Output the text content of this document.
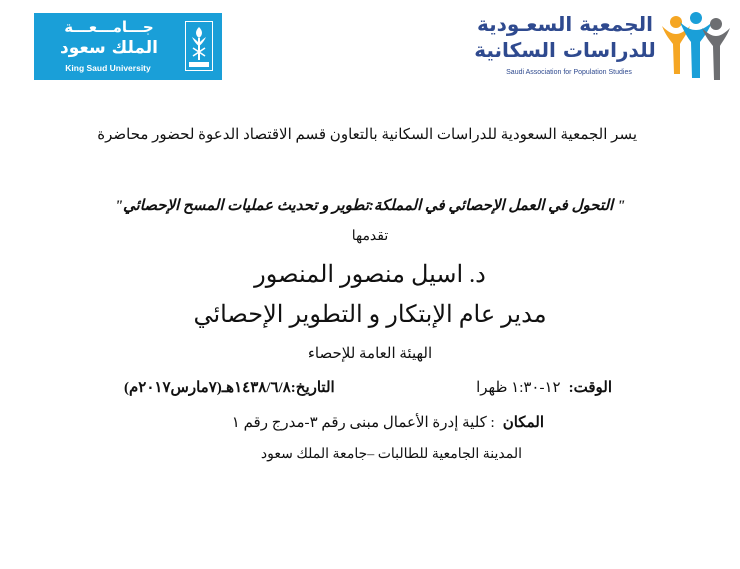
جـــامـــعـــة
الملك سعود
King Saud University
الجمعية السعـودية
للدراسات السكانية
Saudi Association for Population Studies
يسر الجمعية السعودية للدراسات السكانية بالتعاون قسم الاقتصاد الدعوة لحضور محاضرة
" التحول في العمل الإحصائي في المملكة:تطوير و تحديث عمليات المسح الإحصائي"
تقدمها
د. اسيل منصور المنصور
مدير عام الإبتكار و التطوير الإحصائي
الهيئة العامة للإحصاء
الوقت:١٢-١:٣٠ ظهرا
التاريخ:١٤٣٨/٦/٨هـ(٧مارس٢٠١٧م)
المكان: كلية إدرة الأعمال مبنى رقم ٣-مدرج رقم ١
المدينة الجامعية للطالبات –جامعة الملك سعود
